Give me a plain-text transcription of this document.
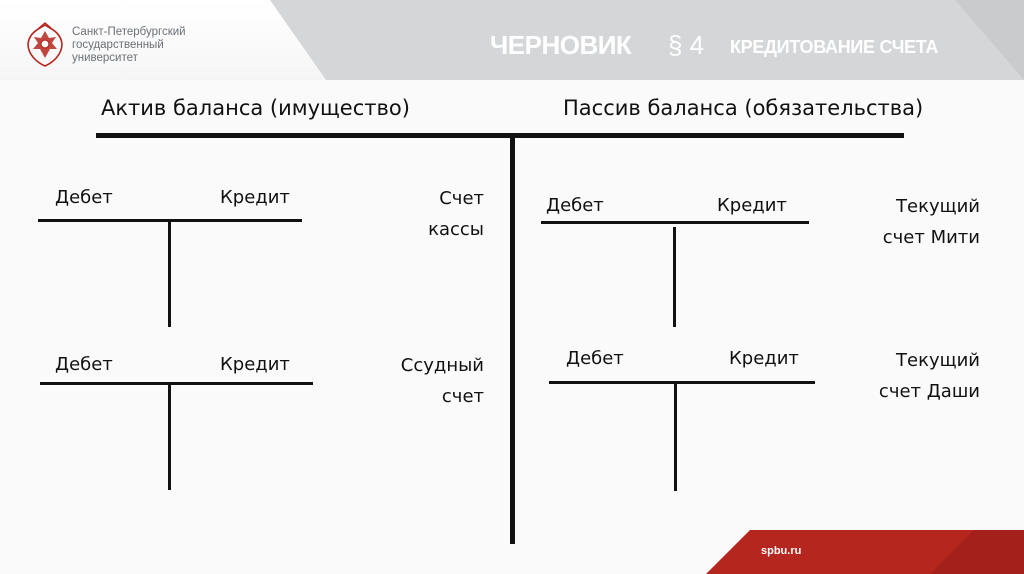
Санкт-Петербургский
государственный
университет	ЧЕРНОВИК § 4 КРЕДИТОВАНИЕ СЧЕТА
Актив баланса (имущество)	Пассив баланса (обязательства)
Дебет	Кредит	Счет
кассы
Дебет	Кредит	Ссудный
счет
Дебет	Кредит	Текущий
счет Мити
Дебет	Кредит	Текущий
счет Даши
spbu.ru
